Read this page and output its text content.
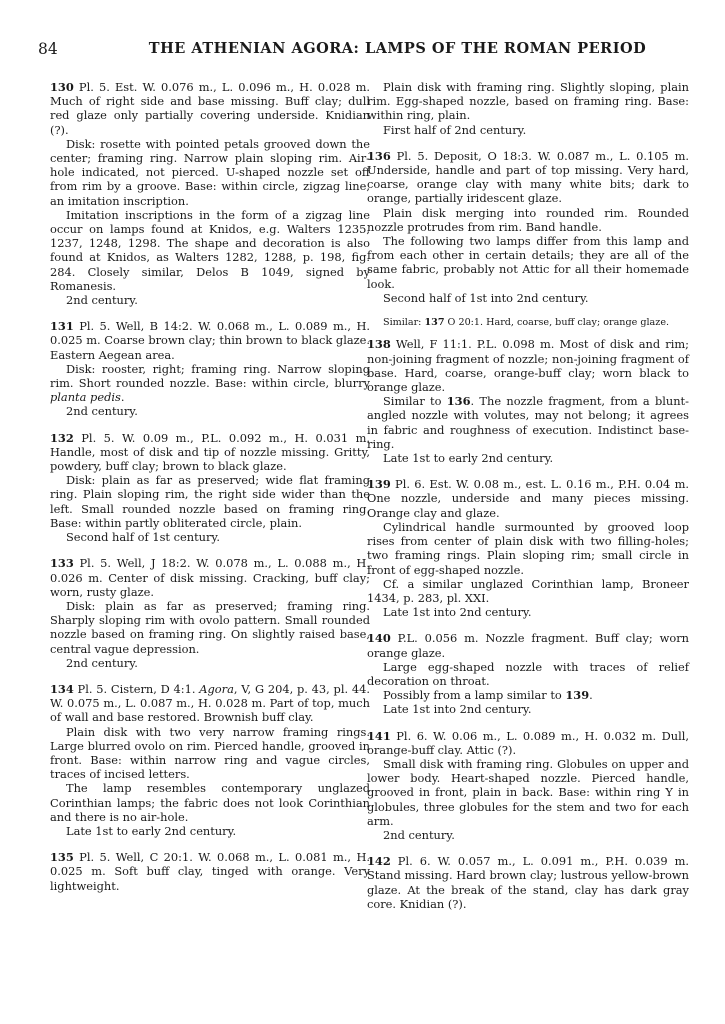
84	THE ATHENIAN AGORA: LAMPS OF THE ROMAN PERIOD

130 Pl. 5. Est. W. 0.076 m., L. 0.096 m., H. 0.028 m. Much of right side and base missing. Buff clay; dull red glaze only partially covering underside. Knidian (?).

Disk: rosette with pointed petals grooved down the center; framing ring. Narrow plain sloping rim. Air-hole indicated, not pierced. U-shaped nozzle set off from rim by a groove. Base: within circle, zigzag line, an imitation inscription.

Imitation inscriptions in the form of a zigzag line occur on lamps found at Knidos, e.g. Walters 1235, 1237, 1248, 1298. The shape and decoration is also found at Knidos, as Walters 1282, 1288, p. 198, fig. 284. Closely similar, Delos B 1049, signed by Romanesis.

2nd century.

131 Pl. 5. Well, B 14:2. W. 0.068 m., L. 0.089 m., H. 0.025 m. Coarse brown clay; thin brown to black glaze. Eastern Aegean area.

Disk: rooster, right; framing ring. Narrow sloping rim. Short rounded nozzle. Base: within circle, blurry planta pedis.

2nd century.

132 Pl. 5. W. 0.09 m., P.L. 0.092 m., H. 0.031 m. Handle, most of disk and tip of nozzle missing. Gritty, powdery, buff clay; brown to black glaze.

Disk: plain as far as preserved; wide flat framing ring. Plain sloping rim, the right side wider than the left. Small rounded nozzle based on framing ring. Base: within partly obliterated circle, plain.

Second half of 1st century.

133 Pl. 5. Well, J 18:2. W. 0.078 m., L. 0.088 m., H. 0.026 m. Center of disk missing. Cracking, buff clay; worn, rusty glaze.

Disk: plain as far as preserved; framing ring. Sharply sloping rim with ovolo pattern. Small rounded nozzle based on framing ring. On slightly raised base, central vague depression.

2nd century.

134 Pl. 5. Cistern, D 4:1. Agora, V, G 204, p. 43, pl. 44. W. 0.075 m., L. 0.087 m., H. 0.028 m. Part of top, much of wall and base restored. Brownish buff clay.

Plain disk with two very narrow framing rings. Large blurred ovolo on rim. Pierced handle, grooved in front. Base: within narrow ring and vague circles, traces of incised letters.

The lamp resembles contemporary unglazed Corinthian lamps; the fabric does not look Corinthian and there is no air-hole.

Late 1st to early 2nd century.

135 Pl. 5. Well, C 20:1. W. 0.068 m., L. 0.081 m., H. 0.025 m. Soft buff clay, tinged with orange. Very lightweight.

Plain disk with framing ring. Slightly sloping, plain rim. Egg-shaped nozzle, based on framing ring. Base: within ring, plain.

First half of 2nd century.

136 Pl. 5. Deposit, O 18:3. W. 0.087 m., L. 0.105 m. Underside, handle and part of top missing. Very hard, coarse, orange clay with many white bits; dark to orange, partially iridescent glaze.

Plain disk merging into rounded rim. Rounded nozzle protrudes from rim. Band handle.

The following two lamps differ from this lamp and from each other in certain details; they are all of the same fabric, probably not Attic for all their homemade look.

Second half of 1st into 2nd century.

Similar: 137 O 20:1. Hard, coarse, buff clay; orange glaze.

138 Well, F 11:1. P.L. 0.098 m. Most of disk and rim; non-joining fragment of nozzle; non-joining fragment of base. Hard, coarse, orange-buff clay; worn black to orange glaze.

Similar to 136. The nozzle fragment, from a blunt-angled nozzle with volutes, may not belong; it agrees in fabric and roughness of execution. Indistinct base-ring.

Late 1st to early 2nd century.

139 Pl. 6. Est. W. 0.08 m., est. L. 0.16 m., P.H. 0.04 m. One nozzle, underside and many pieces missing. Orange clay and glaze.

Cylindrical handle surmounted by grooved loop rises from center of plain disk with two filling-holes; two framing rings. Plain sloping rim; small circle in front of egg-shaped nozzle.

Cf. a similar unglazed Corinthian lamp, Broneer 1434, p. 283, pl. XXI.

Late 1st into 2nd century.

140 P.L. 0.056 m. Nozzle fragment. Buff clay; worn orange glaze.

Large egg-shaped nozzle with traces of relief decoration on throat.

Possibly from a lamp similar to 139.

Late 1st into 2nd century.

141 Pl. 6. W. 0.06 m., L. 0.089 m., H. 0.032 m. Dull, orange-buff clay. Attic (?).

Small disk with framing ring. Globules on upper and lower body. Heart-shaped nozzle. Pierced handle, grooved in front, plain in back. Base: within ring Y in globules, three globules for the stem and two for each arm.

2nd century.

142 Pl. 6. W. 0.057 m., L. 0.091 m., P.H. 0.039 m. Stand missing. Hard brown clay; lustrous yellow-brown glaze. At the break of the stand, clay has dark gray core. Knidian (?).
